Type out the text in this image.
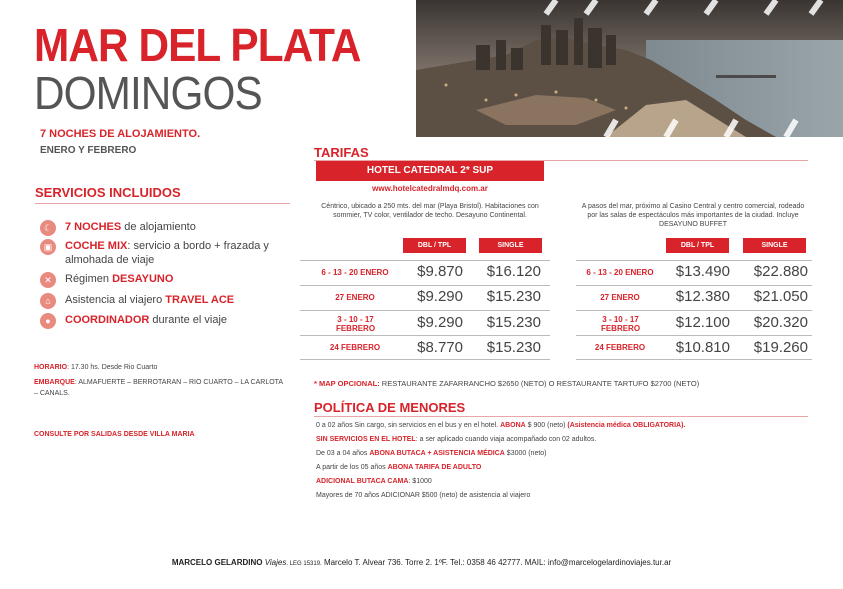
MAR DEL PLATA
DOMINGOS
7 NOCHES DE ALOJAMIENTO.
ENERO Y FEBRERO
SERVICIOS INCLUIDOS
☾	7 NOCHES de alojamiento
▣	COCHE MIX: servicio a bordo + frazada y almohada de viaje
✕	Régimen DESAYUNO
⌂	Asistencia al viajero TRAVEL ACE
●	COORDINADOR durante el viaje
HORARIO: 17.30 hs. Desde Rio Cuarto
EMBARQUE: ALMAFUERTE – BERROTARAN – RIO CUARTO – LA CARLOTA – CANALS.
CONSULTE POR SALIDAS DESDE VILLA MARIA
TARIFAS
HOTEL CATEDRAL 2* SUP
www.hotelcatedralmdq.com.ar
Céntrico, ubicado a 250 mts. del mar (Playa Bristol). Habitaciones con sommier, TV color, ventilador de techo. Desayuno Continental.
DBL / TPL	SINGLE
6 - 13 - 20 ENERO	$9.870	$16.120
27 ENERO	$9.290	$15.230
3 - 10 - 17 FEBRERO	$9.290	$15.230
24 FEBRERO	$8.770	$15.230
A pasos del mar, próximo al Casino Central y centro comercial, rodeado por las salas de espectáculos más importantes de la ciudad. Incluye DESAYUNO BUFFET
DBL / TPL	SINGLE
6 - 13 - 20 ENERO	$13.490	$22.880
27 ENERO	$12.380	$21.050
3 - 10 - 17 FEBRERO	$12.100	$20.320
24 FEBRERO	$10.810	$19.260
* MAP OPCIONAL: RESTAURANTE ZAFARRANCHO $2650 (NETO) O RESTAURANTE TARTUFO $2700 (NETO)
POLÍTICA DE MENORES
0 a 02 años Sin cargo, sin servicios en el bus y en el hotel. ABONA $ 900 (neto) (Asistencia médica OBLIGATORIA).
SIN SERVICIOS EN EL HOTEL: a ser aplicado cuando viaja acompañado con 02 adultos.
De 03 a 04 años ABONA BUTACA + ASISTENCIA MÉDICA $3000 (neto)
A partir de los 05 años ABONA TARIFA DE ADULTO
ADICIONAL BUTACA CAMA: $1000
Mayores de 70 años ADICIONAR $500 (neto) de asistencia al viajero
MARCELO GELARDINO Viajes. LEG 15319. Marcelo T. Alvear 736. Torre 2. 1ºF. Tel.: 0358 46 42777. MAIL: info@marcelogelardinoviajes.tur.ar
